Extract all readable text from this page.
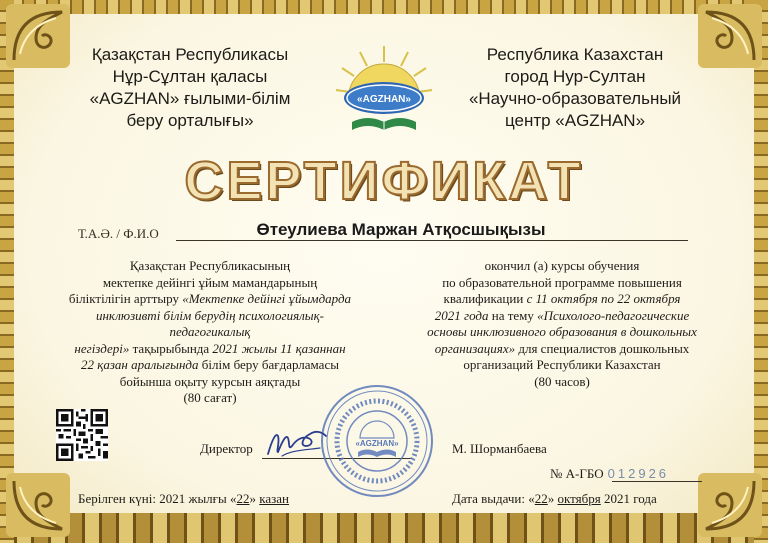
Қазақстан Республикасы
Нұр-Сұлтан қаласы
«AGZHAN» ғылыми-білім
беру орталығы»
«AGZHAN»
Республика Казахстан
город Нур-Султан
«Научно-образовательный
центр «AGZHAN»
СЕРТИФИКАТ
Т.А.Ә. / Ф.И.О	Өтеулиева Маржан Атқосшықызы
Қазақстан Республикасының
мектепке дейінгі ұйым мамандарының
біліктілігін арттыру «Мектепке дейінгі ұйымдарда
инклюзивті білім берудің психологиялық-педагогикалық
негіздері» тақырыбында 2021 жылы 11 қазаннан
22 қазан аралығында білім беру бағдарламасы
бойынша оқыту курсын аяқтады
(80 сағат)
окончил (а) курсы обучения
по образовательной программе повышения
квалификации с 11 октября по 22 октября
2021 года на тему «Психолого-педагогические
основы инклюзивного образования в дошкольных
организациях» для специалистов дошкольных
организаций Республики Казахстан
(80 часов)
Директор	«AGZHAN»	М. Шорманбаева
№ А-ГБО 012926
Берілген күні: 2021 жылғы «22» казан	Дата выдачи: «22» октября 2021 года
